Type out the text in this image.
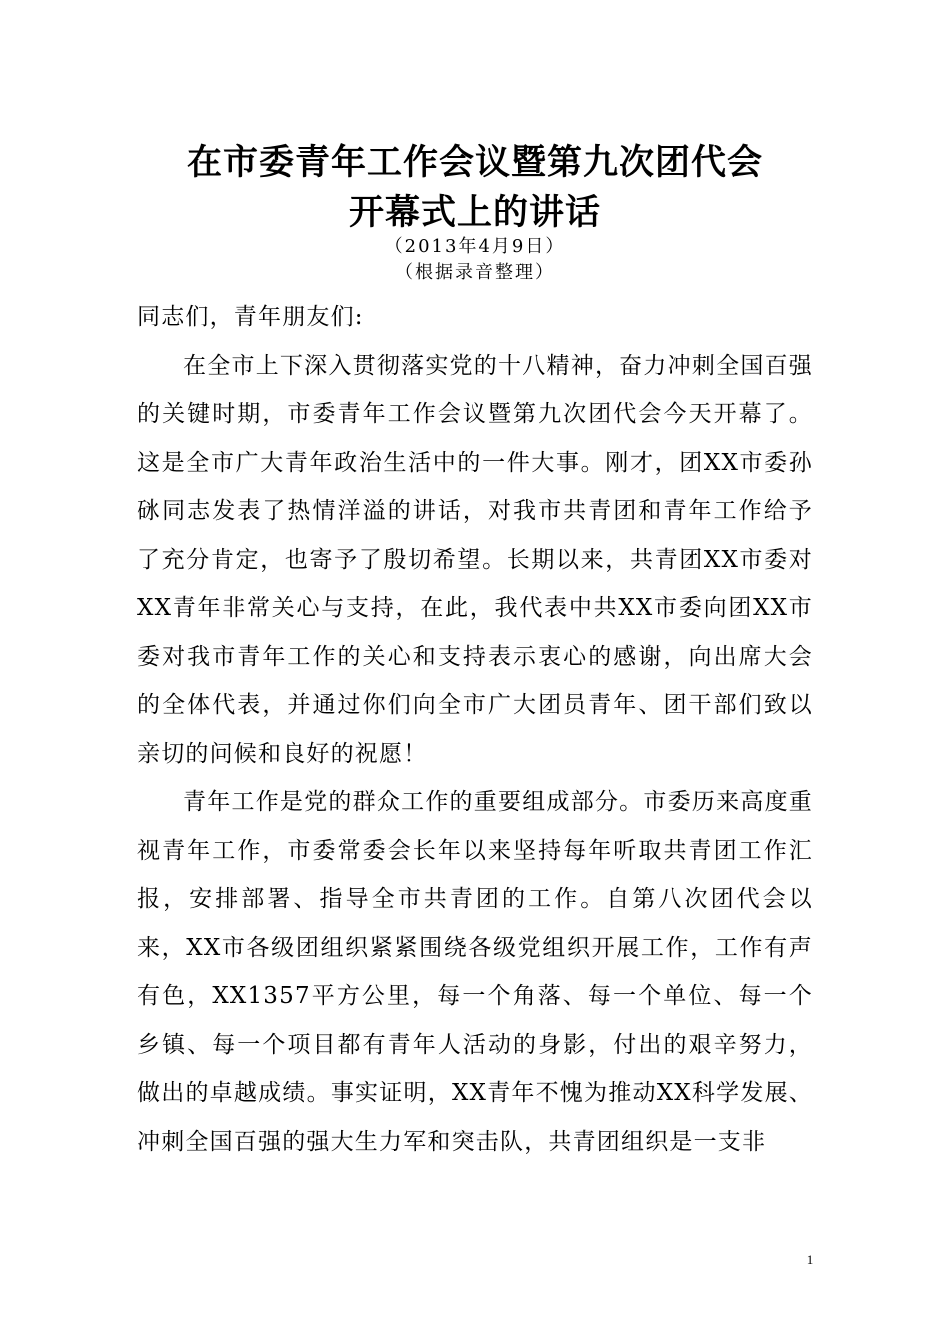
在市委青年工作会议暨第九次团代会
开幕式上的讲话
（2013年4月9日）
（根据录音整理）

同志们，青年朋友们:

在全市上下深入贯彻落实党的十八精神，奋力冲刺全国百强的关键时期，市委青年工作会议暨第九次团代会今天开幕了。这是全市广大青年政治生活中的一件大事。刚才，团XX市委孙砯同志发表了热情洋溢的讲话，对我市共青团和青年工作给予了充分肯定，也寄予了殷切希望。长期以来，共青团XX市委对XX青年非常关心与支持，在此，我代表中共XX市委向团XX市委对我市青年工作的关心和支持表示衷心的感谢，向出席大会的全体代表，并通过你们向全市广大团员青年、团干部们致以亲切的问候和良好的祝愿！

青年工作是党的群众工作的重要组成部分。市委历来高度重视青年工作，市委常委会长年以来坚持每年听取共青团工作汇报，安排部署、指导全市共青团的工作。自第八次团代会以来，XX市各级团组织紧紧围绕各级党组织开展工作，工作有声有色，XX1357平方公里，每一个角落、每一个单位、每一个乡镇、每一个项目都有青年人活动的身影，付出的艰辛努力，做出的卓越成绩。事实证明，XX青年不愧为推动XX科学发展、冲刺全国百强的强大生力军和突击队，共青团组织是一支非

1
